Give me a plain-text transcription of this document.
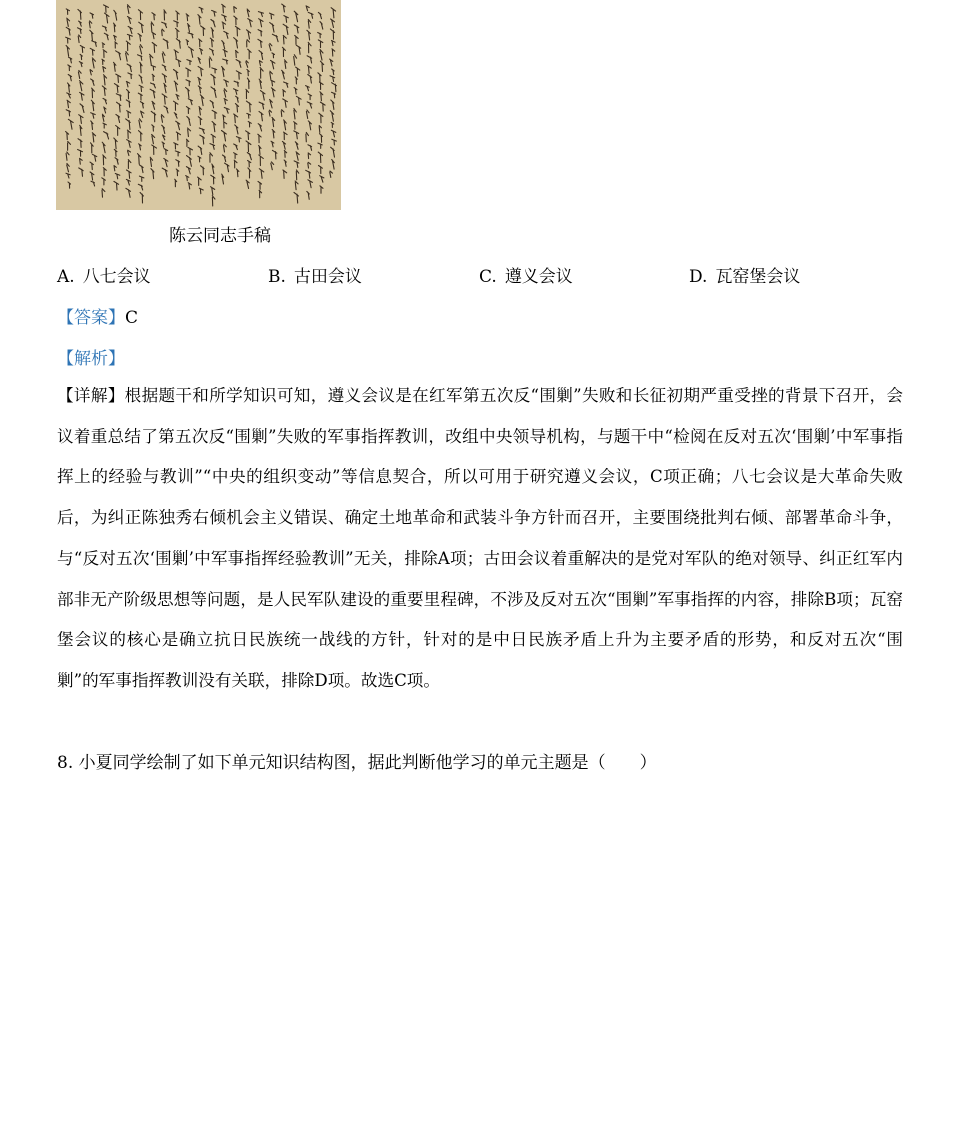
陈云同志手稿
A. 八七会议	B. 古田会议	C. 遵义会议	D. 瓦窑堡会议
【答案】C
【解析】

【详解】根据题干和所学知识可知，遵义会议是在红军第五次反“围剿”失败和长征初期严重受挫的背景下召开，会议着重总结了第五次反“围剿”失败的军事指挥教训，改组中央领导机构，与题干中“检阅在反对五次‘围剿’中军事指挥上的经验与教训”“中央的组织变动”等信息契合，所以可用于研究遵义会议，C项正确；八七会议是大革命失败后，为纠正陈独秀右倾机会主义错误、确定土地革命和武装斗争方针而召开，主要围绕批判右倾、部署革命斗争，与“反对五次‘围剿’中军事指挥经验教训”无关，排除A项；古田会议着重解决的是党对军队的绝对领导、纠正红军内部非无产阶级思想等问题，是人民军队建设的重要里程碑，不涉及反对五次“围剿”军事指挥的内容，排除B项；瓦窑堡会议的核心是确立抗日民族统一战线的方针，针对的是中日民族矛盾上升为主要矛盾的形势，和反对五次“围剿”的军事指挥教训没有关联，排除D项。故选C项。

8. 小夏同学绘制了如下单元知识结构图，据此判断他学习的单元主题是（　　）
